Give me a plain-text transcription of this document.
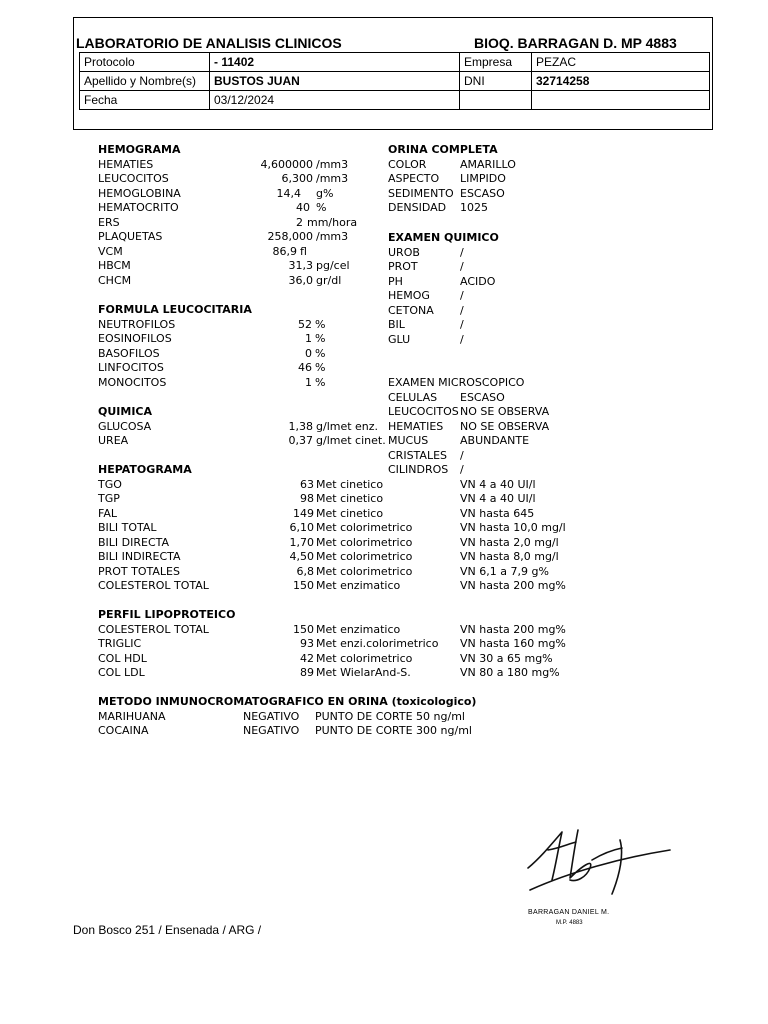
LABORATORIO DE ANALISIS CLINICOS	BIOQ. BARRAGAN D. MP 4883
Protocolo	- 11402	Empresa	PEZAC
Apellido y Nombre(s)	BUSTOS JUAN	DNI	32714258
Fecha	03/12/2024		
HEMOGRAMA
HEMATIES	4,600000 /mm3
LEUCOCITOS	6,300 /mm3
HEMOGLOBINA	14,4 g%
HEMATOCRITO	40 %
ERS	2 mm/hora
PLAQUETAS	258,000 /mm3
VCM	86,9 fl
HBCM	31,3 pg/cel
CHCM	36,0 gr/dl
FORMULA LEUCOCITARIA
NEUTROFILOS	52 %
EOSINOFILOS	1 %
BASOFILOS	0 %
LINFOCITOS	46 %
MONOCITOS	1 %
QUIMICA
GLUCOSA	1,38 g/lmet enz.
UREA	0,37 g/lmet cinet.
HEPATOGRAMA
TGO	63 Met cinetico	VN 4 a 40 UI/l
TGP	98 Met cinetico	VN 4 a 40 UI/l
FAL	149 Met cinetico	VN hasta 645
BILI TOTAL	6,10 Met colorimetrico	VN hasta 10,0 mg/l
BILI DIRECTA	1,70 Met colorimetrico	VN hasta 2,0 mg/l
BILI INDIRECTA	4,50 Met colorimetrico	VN hasta 8,0 mg/l
PROT TOTALES	6,8 Met colorimetrico	VN 6,1 a 7,9 g%
COLESTEROL TOTAL	150 Met enzimatico	VN hasta 200 mg%
PERFIL LIPOPROTEICO
COLESTEROL TOTAL	150 Met enzimatico	VN hasta 200 mg%
TRIGLIC	93 Met enzi.colorimetrico VN hasta 160 mg%
COL HDL	42 Met colorimetrico	VN 30 a 65 mg%
COL LDL	89 Met WielarAnd-S.	VN 80 a 180 mg%
METODO INMUNOCROMATOGRAFICO EN ORINA (toxicologico)
MARIHUANA	NEGATIVO PUNTO DE CORTE 50 ng/ml
COCAINA	NEGATIVO PUNTO DE CORTE 300 ng/ml
ORINA COMPLETA
COLOR	AMARILLO
ASPECTO LIMPIDO
SEDIMENTO ESCASO
DENSIDAD 1025
EXAMEN QUIMICO
UROB	/
PROT	/
PH	ACIDO
HEMOG	/
CETONA /
BIL	/
GLU	/
EXAMEN MICROSCOPICO
CELULAS ESCASO
LEUCOCITOS NO SE OBSERVA
HEMATIES NO SE OBSERVA
MUCUS	ABUNDANTE
CRISTALES /
CILINDROS /
BARRAGAN DANIEL M.
M.P. 4883
Don Bosco 251 / Ensenada / ARG /
